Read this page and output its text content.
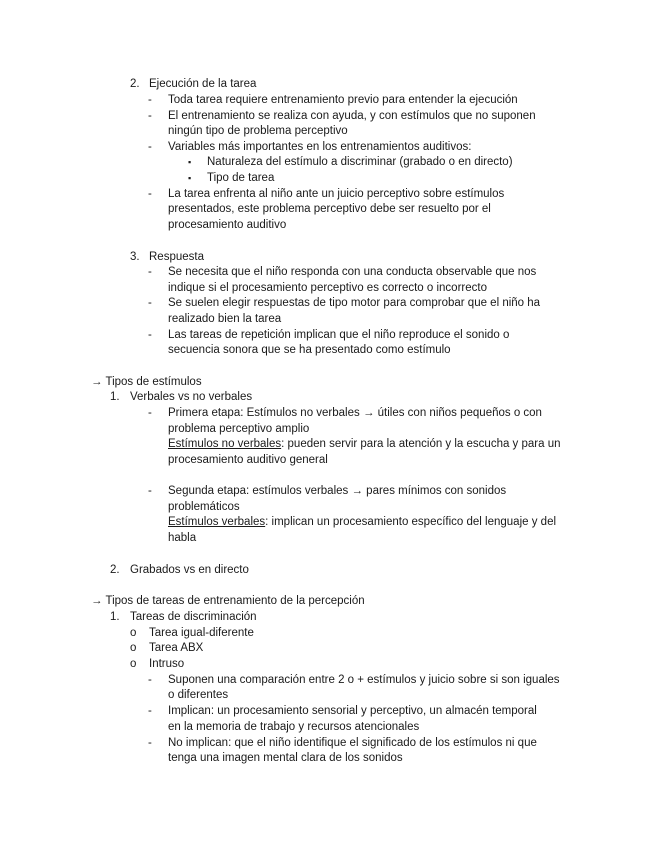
2. Ejecución de la tarea
- Toda tarea requiere entrenamiento previo para entender la ejecución
- El entrenamiento se realiza con ayuda, y con estímulos que no suponen
ningún tipo de problema perceptivo
- Variables más importantes en los entrenamientos auditivos:
▪ Naturaleza del estímulo a discriminar (grabado o en directo)
▪ Tipo de tarea
- La tarea enfrenta al niño ante un juicio perceptivo sobre estímulos
presentados, este problema perceptivo debe ser resuelto por el
procesamiento auditivo
3. Respuesta
- Se necesita que el niño responda con una conducta observable que nos
indique si el procesamiento perceptivo es correcto o incorrecto
- Se suelen elegir respuestas de tipo motor para comprobar que el niño ha
realizado bien la tarea
- Las tareas de repetición implican que el niño reproduce el sonido o
secuencia sonora que se ha presentado como estímulo
→ Tipos de estímulos
1. Verbales vs no verbales
- Primera etapa: Estímulos no verbales → útiles con niños pequeños o con
problema perceptivo amplio
Estímulos no verbales: pueden servir para la atención y la escucha y para un
procesamiento auditivo general
- Segunda etapa: estímulos verbales → pares mínimos con sonidos
problemáticos
Estímulos verbales: implican un procesamiento específico del lenguaje y del
habla
2. Grabados vs en directo
→ Tipos de tareas de entrenamiento de la percepción
1. Tareas de discriminación
o Tarea igual-diferente
o Tarea ABX
o Intruso
- Suponen una comparación entre 2 o + estímulos y juicio sobre si son iguales
o diferentes
- Implican: un procesamiento sensorial y perceptivo, un almacén temporal
en la memoria de trabajo y recursos atencionales
- No implican: que el niño identifique el significado de los estímulos ni que
tenga una imagen mental clara de los sonidos
